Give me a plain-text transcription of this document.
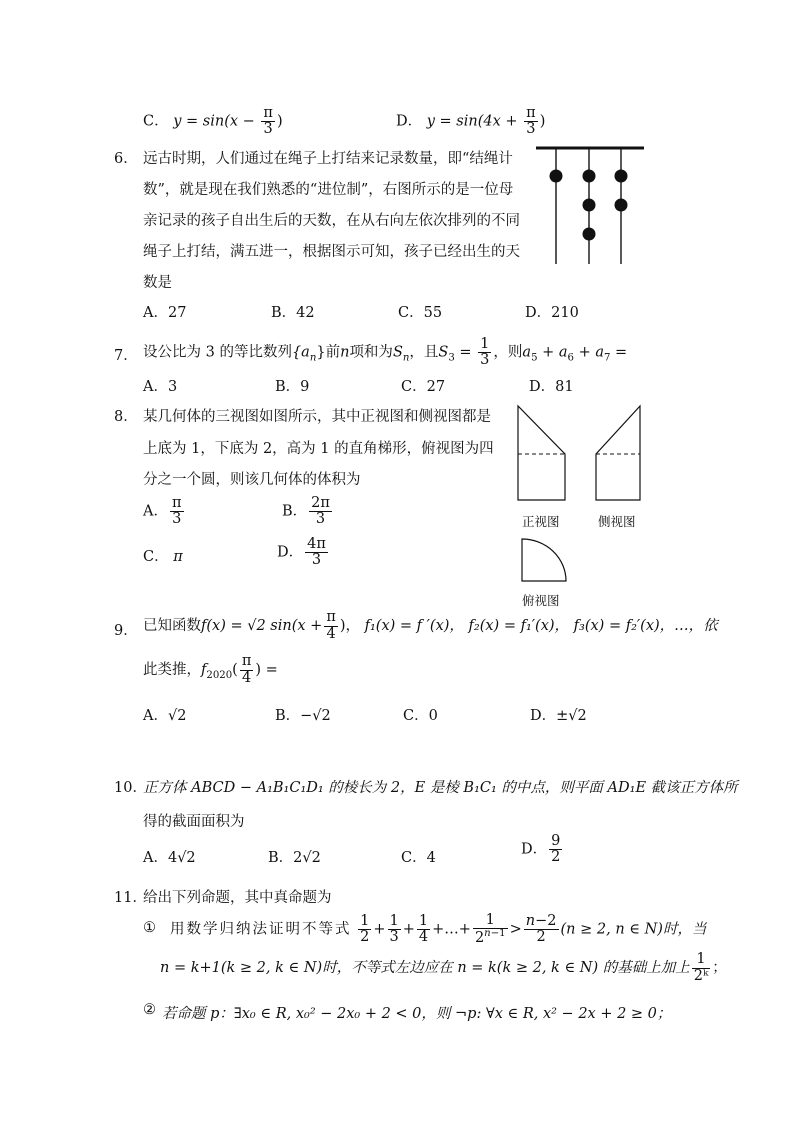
C． $y = \sin(x - \frac{\pi}{3}$ )	D． $y = \sin(4x + \frac{\pi}{3}$ )
6． 远古时期，人们通过在绳子上打结来记录数量，即“结绳计
数”，就是现在我们熟悉的“进位制”，右图所示的是一位母
亲记录的孩子自出生后的天数，在从右向左依次排列的不同
绳子上打结，满五进一，根据图示可知，孩子已经出生的天
数是
A．27	B．42	C．55	D．210
7． 设公比为 3 的等比数列$\{a_n\}$前n项和为$S_n$，且$S_3 = \frac{1}{3}$ ，则$a_5 + a_6 + a_7$ =
A．3	B．9	C．27	D．81
8． 某几何体的三视图如图所示，其中正视图和侧视图都是
上底为 1，下底为 2，高为 1 的直角梯形，俯视图为四
分之一个圆，则该几何体的体积为
A． $\frac{\pi}{3}$	B． $\frac{2\pi}{3}$
C． π	D． $\frac{4\pi}{3}$
正视图	侧视图
俯视图
9． 已知函数f(x) = √2 $\sin(x + \frac{\pi}{4}$ )， f₁(x) = f ′(x)， f₂(x) = f₁′(x)， f₃(x) = f₂′(x)，…，依
此类推，$f_{2020}( \frac{\pi}{4}$ ) =
A．√2	B．−√2	C．0	D．±√2
10．
正方体 ABCD − A₁B₁C₁D₁ 的棱长为 2，E 是棱 B₁C₁ 的中点，则平面 AD₁E 截该正方体所
得的截面面积为
A．4√2	B．2√2	C．4
D． $\frac{9}{2}$
11．
给出下列命题，其中真命题为
① 用数学归纳法证明不等式 $\frac{1}{2} + \frac{1}{3} + \frac{1}{4}$ +…+ $\frac{1}{2^{n-1}} > \frac{n-2}{2} (n \ge 2$, n ∈ N)时，当
n = k+1(k ≥ 2, k ∈ N)时，不等式左边应在 n = k(k ≥ 2, k ∈ N) 的基础上加上 $\frac{1}{\text{2ᵏ}}$ ；
② 若命题 p：∃x₀ ∈ R, x₀² − 2x₀ + 2 < 0，则 ¬p: ∀x ∈ R, x² − 2x + 2 ≥ 0；
